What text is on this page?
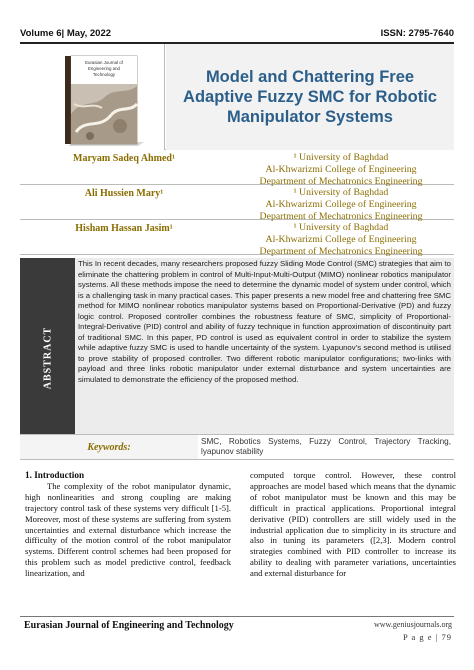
Volume 6| May, 2022	ISSN: 2795-7640
Eurasian Journal of
Engineering and
Technology	Model and Chattering Free Adaptive Fuzzy SMC for Robotic Manipulator Systems
Maryam Sadeq Ahmed¹	¹ University of Baghdad
Al-Khwarizmi College of Engineering
Department of Mechatronics Engineering
Ali Hussien Mary¹	¹ University of Baghdad
Al-Khwarizmi College of Engineering
Department of Mechatronics Engineering
Hisham Hassan Jasim¹	¹ University of Baghdad
Al-Khwarizmi College of Engineering
Department of Mechatronics Engineering
ABSTRACT
This In recent decades, many researchers proposed fuzzy Sliding Mode Control (SMC) strategies that aim to eliminate the chattering problem in control of Multi-Input-Multi-Output (MIMO) nonlinear robotics manipulator systems. All these methods impose the need to determine the dynamic model of system under control, which is a challenging task in many practical cases. This paper presents a new model free and chattering free SMC method for MIMO nonlinear robotics manipulator systems based on Proportional-Derivative (PD) and fuzzy logic control. Proposed controller combines the robustness feature of SMC, simplicity of Proportional-Integral-Derivative (PID) control and ability of fuzzy technique in function approximation of discontinuity part of traditional SMC. In this paper, PD control is used as equivalent control in order to stabilize the system while adaptive fuzzy SMC is used to handle uncertainty of the system. Lyapunov’s second method is utilised to prove stability of proposed controller. Two different robotic manipulator configurations; two-links with payload and three links robotic manipulator under external disturbance and system uncertainties are simulated to demonstrate the efficiency of the proposed method.
Keywords:	SMC, Robotics Systems, Fuzzy Control, Trajectory Tracking, lyapunov stability
1. Introduction
The complexity of the robot manipulator dynamic, high nonlinearities and strong coupling are making trajectory control task of these systems very difficult [1-5]. Moreover, most of these systems are suffering from system uncertainties and external disturbance which increase the difficulty of the motion control of the robot manipulator systems. Different control schemes had been proposed for this problem such as model predictive control, feedback linearization, and
computed torque control. However, these control approaches are model based which means that the dynamic of robot manipulator must be known and this may be difficult in practical applications. Proportional integral derivative (PID) controllers are still widely used in the industrial application due to simplicity in its structure and also in tuning its parameters ([2,3]. Modern control strategies combined with PID controller to increase its ability to dealing with parameter variations, uncertainties and external disturbance for
Eurasian Journal of Engineering and Technology	www.geniusjournals.org
P a g e | 79
